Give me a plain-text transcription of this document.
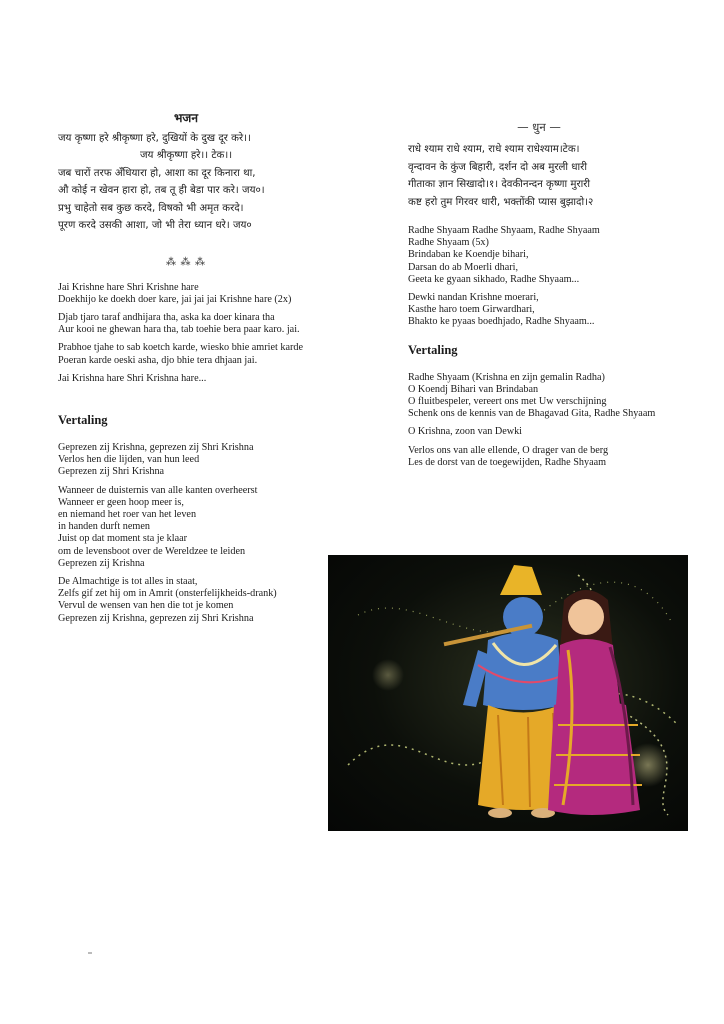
भजन
जय कृष्णा हरे श्रीकृष्णा हरे, दुखियों के दुख दूर करे।।
जय श्रीकृष्णा हरे।। टेक।।
जब चारों तरफ अँधियारा हो, आशा का दूर किनारा था,
औ कोई न खेवन हारा हो, तब तू ही बेडा पार करे। जय०।
प्रभु चाहेतो सब कुछ करदे, विषको भी अमृत करदे।
पूरण करदे उसकी आशा, जो भी तेरा ध्यान धरे। जय०
⁂ ⁂ ⁂
Jai Krishne hare Shri Krishne hare
Doekhijo ke doekh doer kare, jai jai jai Krishne hare (2x)
Djab tjaro taraf andhijara tha, aska ka doer kinara tha
Aur kooi ne ghewan hara tha, tab toehie bera paar karo. jai.
Prabhoe tjahe to sab koetch karde, wiesko bhie amriet karde
Poeran karde oeski asha, djo bhie tera dhjaan jai.
Jai Krishna hare Shri Krishna hare...
Vertaling
Geprezen zij Krishna, geprezen zij Shri Krishna
Verlos hen die lijden, van hun leed
Geprezen zij Shri Krishna
Wanneer de duisternis van alle kanten overheerst
Wanneer er geen hoop meer is,
en niemand het roer van het leven
in handen durft nemen
Juist op dat moment sta je klaar
om de levensboot over de Wereldzee te leiden
Geprezen zij Krishna
De Almachtige is tot alles in staat,
Zelfs gif zet hij om in Amrit (onsterfelijkheids-drank)
Vervul de wensen van hen die tot je komen
Geprezen zij Krishna, geprezen zij Shri Krishna
— धुन —
राधे श्याम राधे श्याम, राधे श्याम राधेश्याम।टेक।
वृन्दावन के कुंज बिहारी, दर्शन दो अब मुरली धारी
गीताका ज्ञान सिखादो।१। देवकीनन्दन कृष्णा मुरारी
कष्ट हरो तुम गिरवर धारी, भक्तोंकी प्यास बुझादो।२
Radhe Shyaam Radhe Shyaam, Radhe Shyaam
Radhe Shyaam (5x)
Brindaban ke Koendje bihari,
Darsan do ab Moerli dhari,
Geeta ke gyaan sikhado, Radhe Shyaam...
Dewki nandan Krishne moerari,
Kasthe haro toem Girwardhari,
Bhakto ke pyaas boedhjado, Radhe Shyaam...
Vertaling
Radhe Shyaam (Krishna en zijn gemalin Radha)
O Koendj Bihari van Brindaban
O fluitbespeler, vereert ons met Uw verschijning
Schenk ons de kennis van de Bhagavad Gita, Radhe Shyaam
O Krishna, zoon van Dewki
Verlos ons van alle ellende, O drager van de berg
Les de dorst van de toegewijden, Radhe Shyaam
